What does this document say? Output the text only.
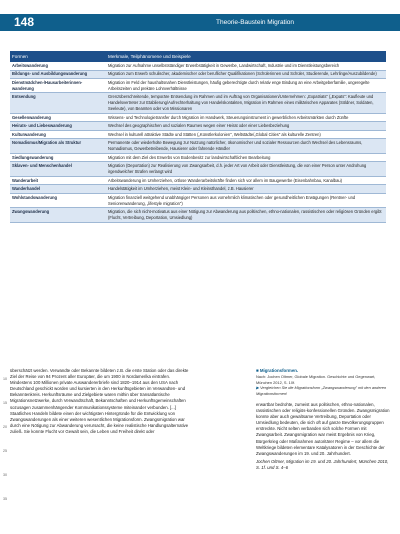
148	Theorie-Baustein Migration
Formen	Merkmale, Teilphänomene und Beispiele
Arbeitswanderung	Migration zur Aufnahme unselbstständiger Erwerbstätigkeit in Gewerbe, Landwirtschaft, Industrie und im Dienstleistungsbereich
Bildungs- und Ausbildungswanderung	Migration zum Erwerb schulischer, akademischer oder beruflicher Qualifikationen (Schülerinnen und Schüler, Studierende, Lehrlinge/Auszubildende)
Dienstmädchen-/Hausarbeiterinnen-wanderung	Migration im Feld der haushaltsnahen Dienstleistungen, häufig geberechtigte durch relativ enge Bindung an eine Arbeitgeberfamilie, ungeregelte Arbeitszeiten und prekäre Lohnverhältnisse
Entsendung	Grenzüberschreitende, temporäre Entsendung im Rahmen und im Auftrag von Organisationen/Unternehmen: „Expatriats" („Expats": Kaufleute und Handelsvertreter zur Etablierung/Aufrechterhaltung von Handelskontakten, Migration im Rahmen eines militärischen Apparates (Söldner, Soldaten, Seeleute), von Beamten oder von Missionaren
Gesellenwanderung	Wissens- und Technologietransfer durch Migration im Handwerk, Steuerungsinstrument in gewerblichen Arbeitsmärkten durch Zünfte
Heirats- und Liebeswanderung	Wechsel des geographischen und sozialen Raumes wegen einer Heirat oder einer Liebesbeziehung
Kulturwanderung	Wechsel in kulturell attraktive Städte und Stätten („Künstlerkolonien", Weltstädte/„Global Cities" als kulturelle Zentren)
Nomadismus/Migration als Struktur	Permanente oder wiederholte Bewegung zur Nutzung natürlicher, ökonomischer und sozialer Ressourcen durch Wechsel des Lebensraums, Nomadismus, Gewerbetreibende, Hausierer oder fahrende Händler
Siedlungswanderung	Migration mit dem Ziel des Erwerbs von Bodenbesitz zur landwirtschaftlichen Bearbeitung
Sklaven- und Menschenhandel	Migration (Deportation) zur Realisierung von Zwangsarbeit, d.h. jeder Art von Arbeit oder Dienstleistung, die von einer Person unter Androhung irgendwelcher Strafen verlangt wird
Wanderarbeit	Arbeitswanderung im Umherziehen, ortlose Wanderarbeitskräfte finden sich vor allem im Baugewerbe (Eisenbahnbau, Kanalbau)
Wanderhandel	Handelstätigkeit im Umherziehen, meist Klein- und Kleinsthandel, z.B. Hausierer
Wohlstandswanderung	Migration finanziell weitgehend unabhängiger Personen aus vornehmlich klimatischen oder gesundheitlichen Erwägungen (Rentner- und Seniorenwanderung, „lifestyle migration")
Zwangswanderung	Migration, die sich nicht-motivatus aus einer Nötigung zur Abwanderung aus politischen, ethno-nationalen, rassistischen oder religiösen Gründen ergibt (Flucht, Vertreibung, Deportation, Umsiedlung)

überschätzt werden. Verwandte oder Bekannte bildeten z.B. die erste Station oder das direkte Ziel der Reise von 94 Prozent aller Europäer, die um 1900 in Nordamerika eintrafen. Mindestens 100 Millionen private Auswandererbriefe sind 1820–1914 aus den USA nach Deutschland geschickt worden und kursierten in den Herkunftsgebieten im Verwandten- und Bekanntenkreis. Herkunftsräume und Zielgebiete waren mithin über transatlantische Migrationsnetzwerke, durch Verwandtschaft, Bekanntschaften und Herkunftsgemeinschaften sozusagen zusammenhängender Kommunikationssysteme miteinander verbunden. [...]

Staatliches Handeln bildete einen der wichtigsten Hintergründe für die Entwicklung von Zwangswanderungen als einer weiteren wesentlichen Migrationsform. Zwangsmigration war durch eine Nötigung zur Abwanderung verursacht, die keine realistische Handlungsalternative zuließ. Sie konnte Flucht vor Gewalt sein, die Leben und Freiheit direkt oder

■ Migrationsformen.

Nach: Jochen Oltmer, Globale Migration. Geschichte und Gegenwart, München 2012, S. 10f.

▶ Vergleichen Sie die Migrationsform „Zwangswanderung" mit den anderen Migrationsformen!

erwartbar bedrohte, zumeist aus politischen, ethno-nationalen, rassistischen oder religiös-konfessionellen Gründen. Zwangsmigration konnte aber auch gewaltsame Vertreibung, Deportation oder Umsiedlung bedeuten, die sich oft auf ganze Bevölkerungsgruppen erstreckte. Nicht selten verbanden sich solche Formen mit Zwangsarbeit. Zwangsmigration war meist Ergebnis von Krieg, Bürgerkrieg oder Maßnahmen autoritärer Regime – vor allem die Weltkriege bildeten elementare Katalysatoren in der Geschichte der Zwangswanderungen im 19. und 20. Jahrhundert.

Jochen Oltmer, Migration im 19. und 20. Jahrhundert, München 2010, S. 1f. und S. 4–6

10
15
20
25
30
35
